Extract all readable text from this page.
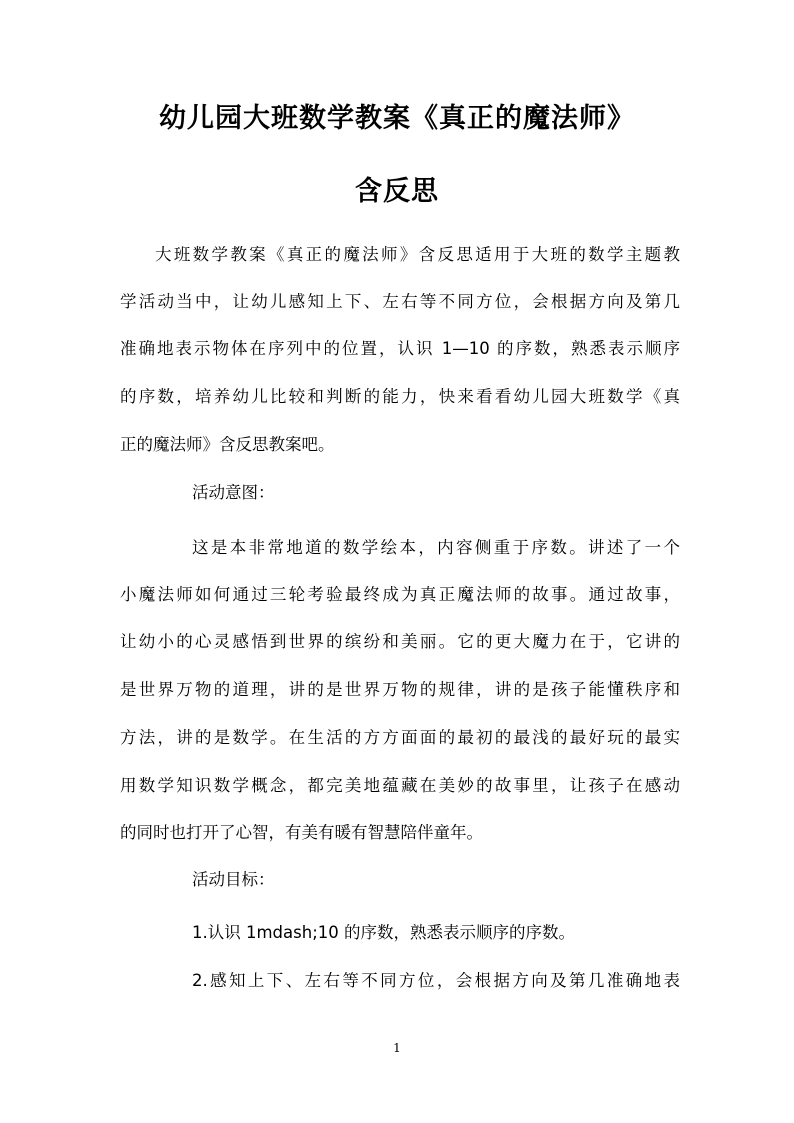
幼儿园大班数学教案《真正的魔法师》
含反思
大班数学教案《真正的魔法师》含反思适用于大班的数学主题教
学活动当中，让幼儿感知上下、左右等不同方位，会根据方向及第几
准确地表示物体在序列中的位置，认识 1—10 的序数，熟悉表示顺序
的序数，培养幼儿比较和判断的能力，快来看看幼儿园大班数学《真
正的魔法师》含反思教案吧。
活动意图：
这是本非常地道的数学绘本，内容侧重于序数。讲述了一个
小魔法师如何通过三轮考验最终成为真正魔法师的故事。通过故事，
让幼小的心灵感悟到世界的缤纷和美丽。它的更大魔力在于，它讲的
是世界万物的道理，讲的是世界万物的规律，讲的是孩子能懂秩序和
方法，讲的是数学。在生活的方方面面的最初的最浅的最好玩的最实
用数学知识数学概念，都完美地蕴藏在美妙的故事里，让孩子在感动
的同时也打开了心智，有美有暖有智慧陪伴童年。
活动目标：
1.认识 1mdash;10 的序数，熟悉表示顺序的序数。
2.感知上下、左右等不同方位，会根据方向及第几准确地表
1
